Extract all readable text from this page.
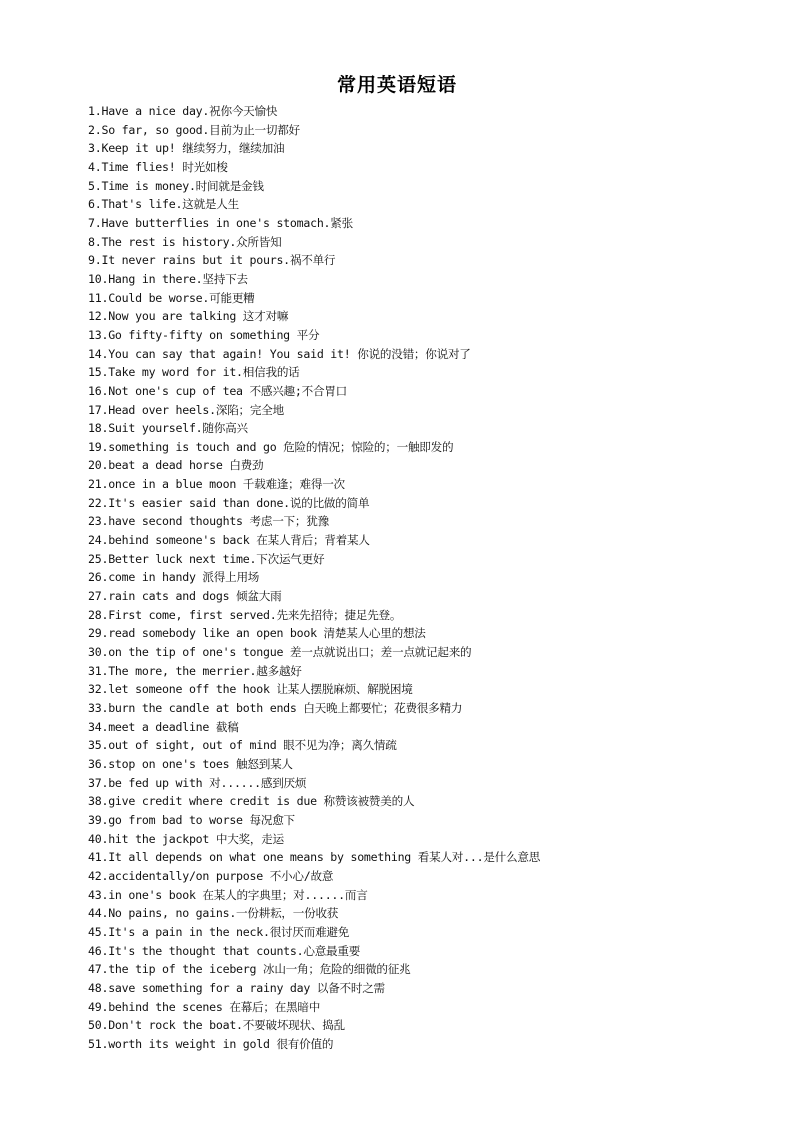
常用英语短语
1.Have a nice day.祝你今天愉快
2.So far, so good.目前为止一切都好
3.Keep it up! 继续努力，继续加油
4.Time flies! 时光如梭
5.Time is money.时间就是金钱
6.That's life.这就是人生
7.Have butterflies in one's stomach.紧张
8.The rest is history.众所皆知
9.It never rains but it pours.祸不单行
10.Hang in there.坚持下去
11.Could be worse.可能更糟
12.Now you are talking 这才对嘛
13.Go fifty-fifty on something 平分
14.You can say that again! You said it! 你说的没错；你说对了
15.Take my word for it.相信我的话
16.Not one's cup of tea 不感兴趣;不合胃口
17.Head over heels.深陷；完全地
18.Suit yourself.随你高兴
19.something is touch and go 危险的情况；惊险的；一触即发的
20.beat a dead horse 白费劲
21.once in a blue moon 千载难逢；难得一次
22.It's easier said than done.说的比做的简单
23.have second thoughts 考虑一下；犹豫
24.behind someone's back 在某人背后；背着某人
25.Better luck next time.下次运气更好
26.come in handy 派得上用场
27.rain cats and dogs 倾盆大雨
28.First come, first served.先来先招待；捷足先登。
29.read somebody like an open book 清楚某人心里的想法
30.on the tip of one's tongue 差一点就说出口；差一点就记起来的
31.The more, the merrier.越多越好
32.let someone off the hook 让某人摆脱麻烦、解脱困境
33.burn the candle at both ends 白天晚上都要忙；花费很多精力
34.meet a deadline 截稿
35.out of sight, out of mind 眼不见为净；离久情疏
36.stop on one's toes 触怒到某人
37.be fed up with 对......感到厌烦
38.give credit where credit is due 称赞该被赞美的人
39.go from bad to worse 每况愈下
40.hit the jackpot 中大奖，走运
41.It all depends on what one means by something 看某人对...是什么意思
42.accidentally/on purpose 不小心/故意
43.in one's book 在某人的字典里；对......而言
44.No pains, no gains.一份耕耘，一份收获
45.It's a pain in the neck.很讨厌而难避免
46.It's the thought that counts.心意最重要
47.the tip of the iceberg 冰山一角；危险的细微的征兆
48.save something for a rainy day 以备不时之需
49.behind the scenes 在幕后；在黑暗中
50.Don't rock the boat.不要破坏现状、捣乱
51.worth its weight in gold 很有价值的
